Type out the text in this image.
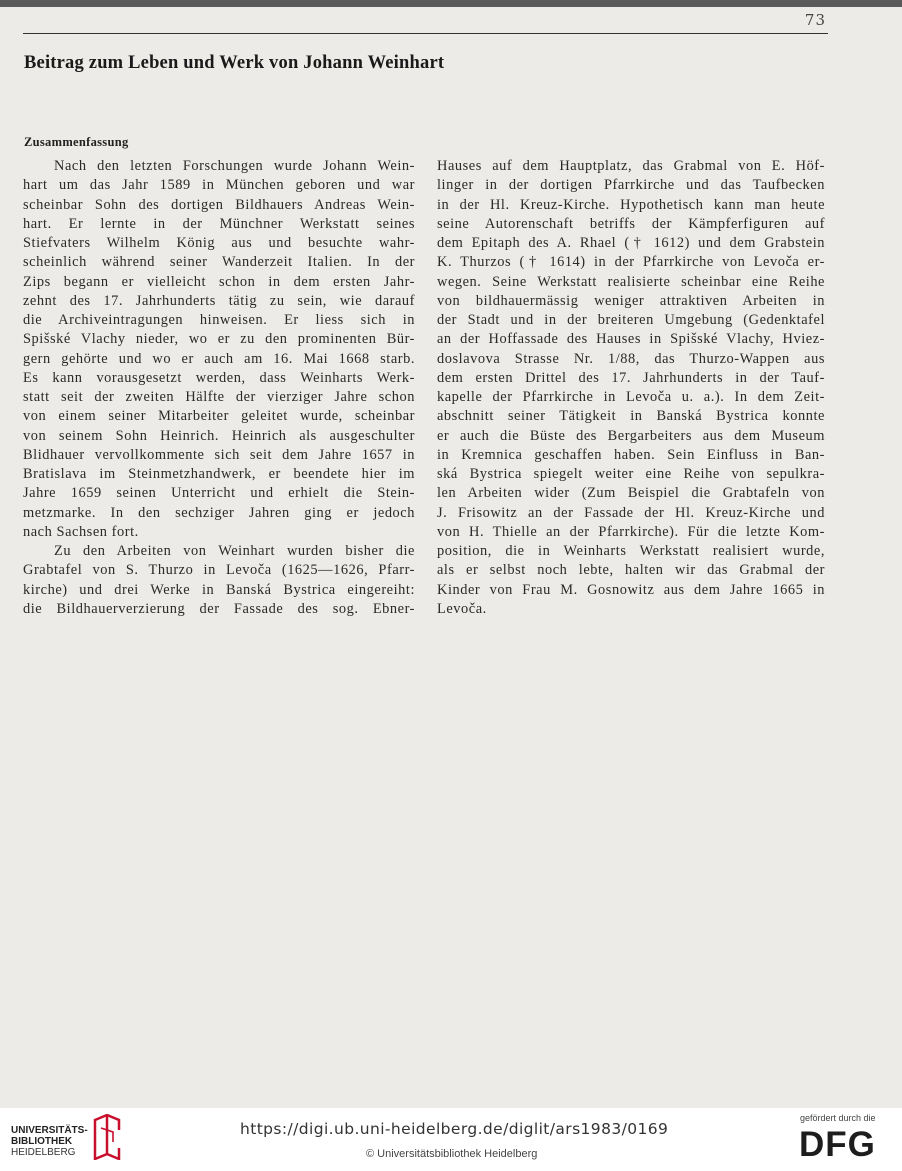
73
Beitrag zum Leben und Werk von Johann Weinhart
Zusammenfassung

Nach den letzten Forschungen wurde Johann Wein-
hart um das Jahr 1589 in München geboren und war
scheinbar Sohn des dortigen Bildhauers Andreas Wein-
hart. Er lernte in der Münchner Werkstatt seines
Stiefvaters Wilhelm König aus und besuchte wahr-
scheinlich während seiner Wanderzeit Italien. In der
Zips begann er vielleicht schon in dem ersten Jahr-
zehnt des 17. Jahrhunderts tätig zu sein, wie darauf
die Archiveintragungen hinweisen. Er liess sich in
Spišské Vlachy nieder, wo er zu den prominenten Bür-
gern gehörte und wo er auch am 16. Mai 1668 starb.
Es kann vorausgesetzt werden, dass Weinharts Werk-
statt seit der zweiten Hälfte der vierziger Jahre schon
von einem seiner Mitarbeiter geleitet wurde, scheinbar
von seinem Sohn Heinrich. Heinrich als ausgeschulter
Blidhauer vervollkommente sich seit dem Jahre 1657 in
Bratislava im Steinmetzhandwerk, er beendete hier im
Jahre 1659 seinen Unterricht und erhielt die Stein-
metzmarke. In den sechziger Jahren ging er jedoch
nach Sachsen fort.

Zu den Arbeiten von Weinhart wurden bisher die
Grabtafel von S. Thurzo in Levoča (1625—1626, Pfarr-
kirche) und drei Werke in Banská Bystrica eingereiht:
die Bildhauerverzierung der Fassade des sog. Ebner-

Hauses auf dem Hauptplatz, das Grabmal von E. Höf-
linger in der dortigen Pfarrkirche und das Taufbecken
in der Hl. Kreuz-Kirche. Hypothetisch kann man heute
seine Autorenschaft betriffs der Kämpferfiguren auf
dem Epitaph des A. Rhael († 1612) und dem Grabstein
K. Thurzos († 1614) in der Pfarrkirche von Levoča er-
wegen. Seine Werkstatt realisierte scheinbar eine Reihe
von bildhauermässig weniger attraktiven Arbeiten in
der Stadt und in der breiteren Umgebung (Gedenktafel
an der Hoffassade des Hauses in Spišské Vlachy, Hviez-
doslavova Strasse Nr. 1/88, das Thurzo-Wappen aus
dem ersten Drittel des 17. Jahrhunderts in der Tauf-
kapelle der Pfarrkirche in Levoča u. a.). In dem Zeit-
abschnitt seiner Tätigkeit in Banská Bystrica konnte
er auch die Büste des Bergarbeiters aus dem Museum
in Kremnica geschaffen haben. Sein Einfluss in Ban-
ská Bystrica spiegelt weiter eine Reihe von sepulkra-
len Arbeiten wider (Zum Beispiel die Grabtafeln von
J. Frisowitz an der Fassade der Hl. Kreuz-Kirche und
von H. Thielle an der Pfarrkirche). Für die letzte Kom-
position, die in Weinharts Werkstatt realisiert wurde,
als er selbst noch lebte, halten wir das Grabmal der
Kinder von Frau M. Gosnowitz aus dem Jahre 1665 in
Levoča.
UNIVERSITÄTS-
BIBLIOTHEK
HEIDELBERG
https://digi.ub.uni-heidelberg.de/diglit/ars1983/0169
© Universitätsbibliothek Heidelberg
gefördert durch die
DFG
